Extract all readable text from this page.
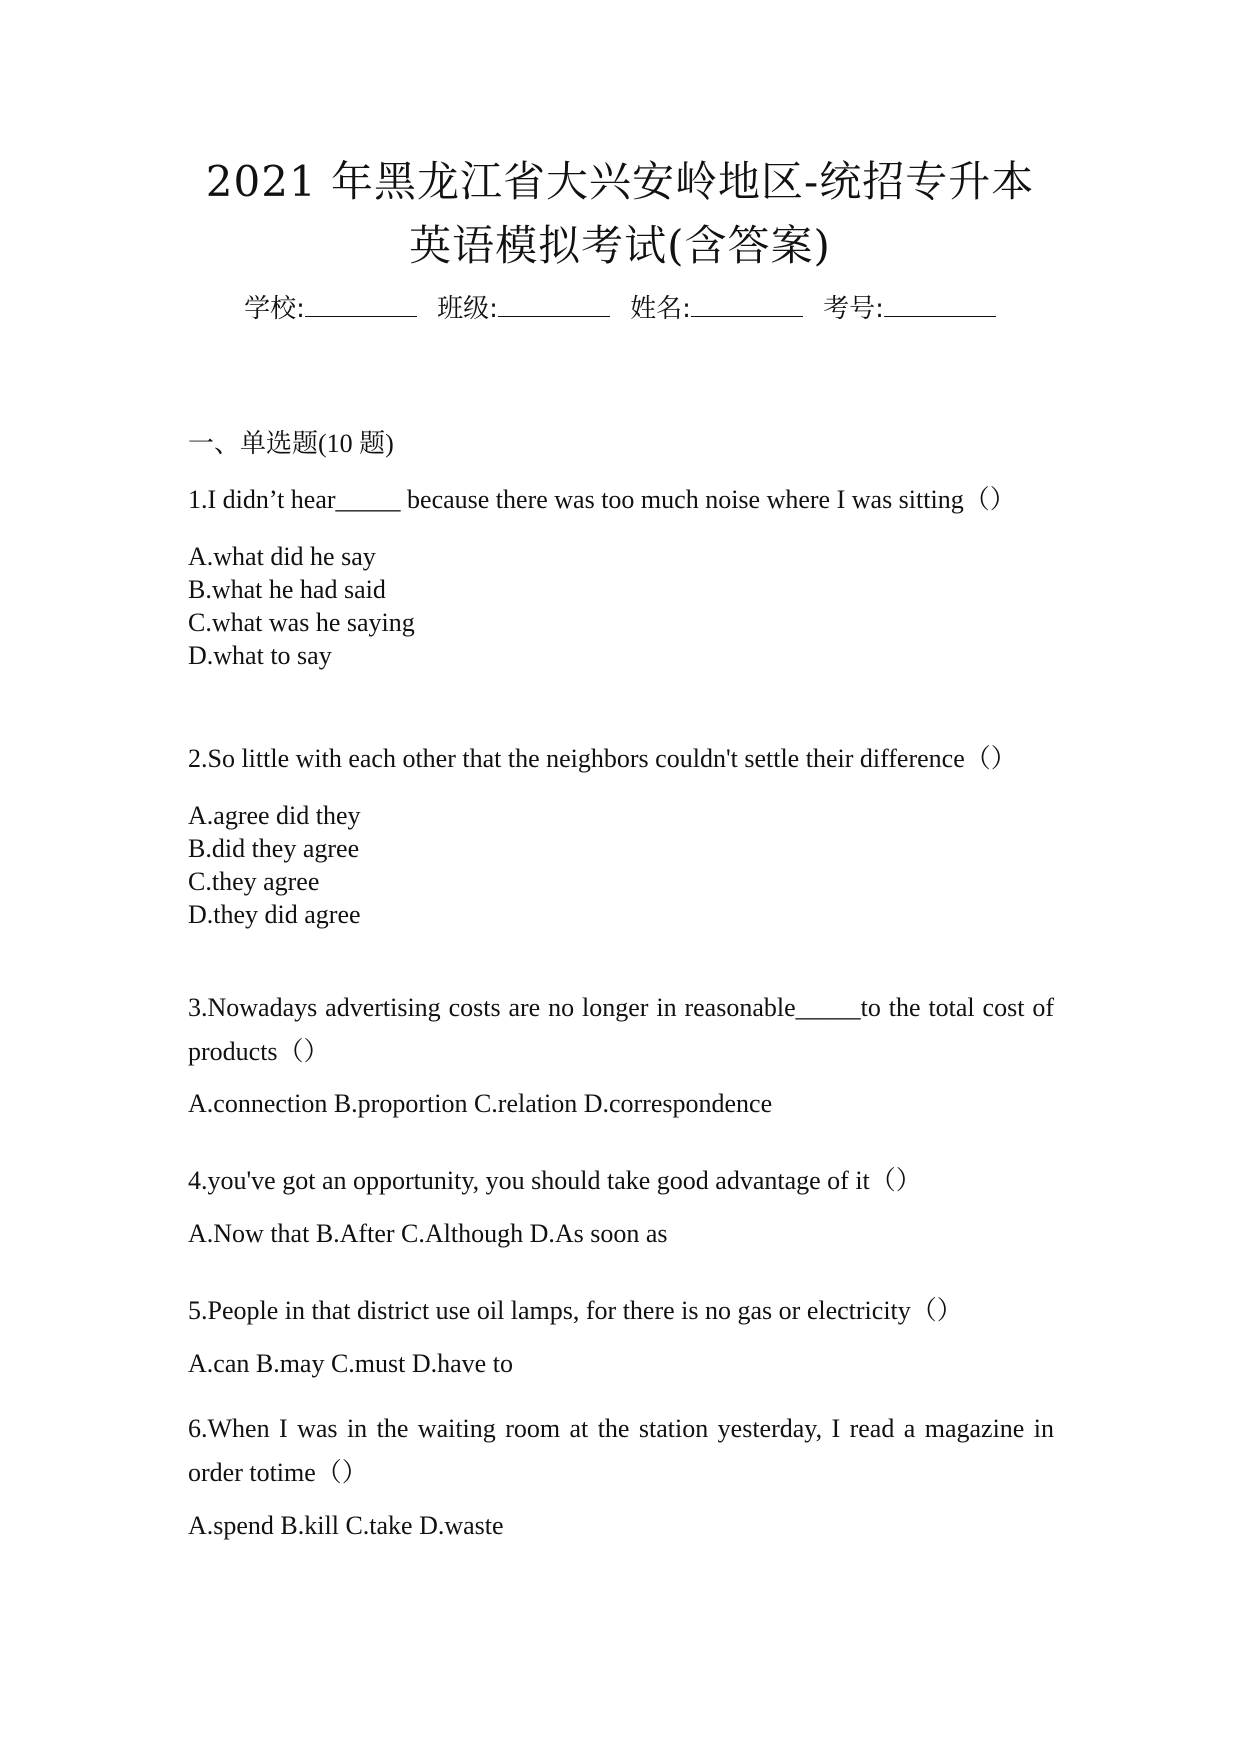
2021 年黑龙江省大兴安岭地区-统招专升本
英语模拟考试(含答案)
学校:	班级:	姓名:	考号:
一、单选题(10 题)

1.I didn’t hear_____ because there was too much noise where I was sitting（）

A.what did he say
B.what he had said
C.what was he saying
D.what to say

2.So little with each other that the neighbors couldn't settle their difference（）

A.agree did they
B.did they agree
C.they agree
D.they did agree

3.Nowadays advertising costs are no longer in reasonable_____to the total cost of products（）

A.connection B.proportion C.relation D.correspondence

4.you've got an opportunity, you should take good advantage of it（）

A.Now that B.After C.Although D.As soon as

5.People in that district use oil lamps, for there is no gas or electricity（）

A.can B.may C.must D.have to

6.When I was in the waiting room at the station yesterday, I read a magazine in order totime（）

A.spend B.kill C.take D.waste
